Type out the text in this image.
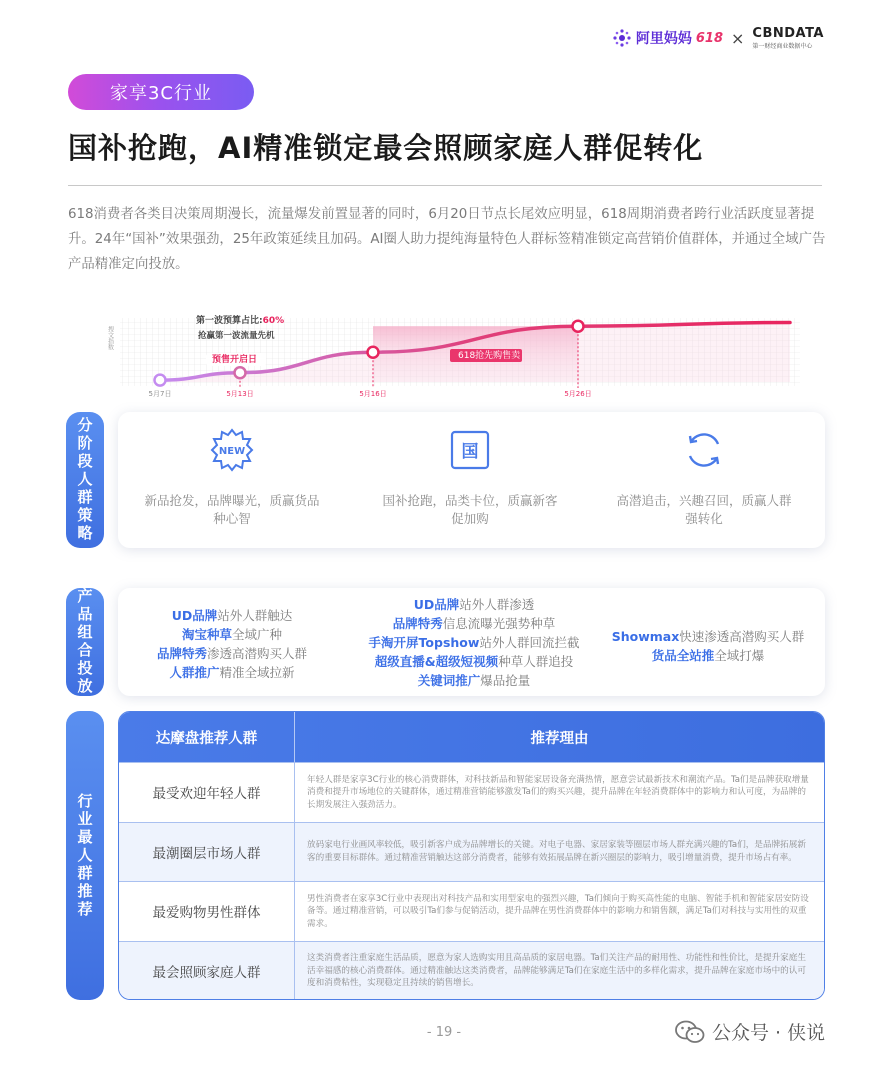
阿里妈妈 618 × CBNDATA
第一财经商业数据中心
家享3C行业
国补抢跑，AI精准锁定最会照顾家庭人群促转化
618消费者各类目决策周期漫长，流量爆发前置显著的同时，6月20日节点长尾效应明显，618周期消费者跨行业活跃度显著提升。24年“国补”效果强劲，25年政策延续且加码。AI圈人助力提纯海量特色人群标签精准锁定高营销价值群体，并通过全域广告产品精准定向投放。
搜文指数
5月7日	5月13日	5月16日	5月26日
第一波预算占比:60%
抢赢第一波流量先机
预售开启日	618抢先购售卖
分阶段人群策略	NEW
新品抢发，品牌曝光，质赢货品种心智
国
国补抢跑，品类卡位，质赢新客促加购
高潜追击，兴趣召回，质赢人群强转化
产品组合投放	UD品牌站外人群触达
淘宝种草全域广种
品牌特秀渗透高潜购买人群
人群推广精准全域拉新
UD品牌站外人群渗透
品牌特秀信息流曝光强势种草
手淘开屏Topshow站外人群回流拦截
超级直播&超级短视频种草人群追投
关键词推广爆品抢量
Showmax快速渗透高潜购买人群
货品全站推全域打爆
行业最人群推荐
达摩盘推荐人群	推荐理由
最受欢迎年轻人群
年轻人群是家享3C行业的核心消费群体，对科技新品和智能家居设备充满热情，愿意尝试最新技术和潮流产品。Ta们是品牌获取增量消费和提升市场地位的关键群体，通过精准营销能够激发Ta们的购买兴趣，提升品牌在年轻消费群体中的影响力和认可度，为品牌的长期发展注入强劲活力。
最潮圈层市场人群
放码家电行业画风率较低，吸引新客户成为品牌增长的关键。对电子电器、家居家装等圈层市场人群充满兴趣的Ta们，是品牌拓展新客的重要目标群体。通过精准营销触达这部分消费者，能够有效拓展品牌在新兴圈层的影响力，吸引增量消费，提升市场占有率。
最爱购物男性群体
男性消费者在家享3C行业中表现出对科技产品和实用型家电的强烈兴趣，Ta们倾向于购买高性能的电脑、智能手机和智能家居安防设备等。通过精准营销，可以吸引Ta们参与促销活动，提升品牌在男性消费群体中的影响力和销售额，满足Ta们对科技与实用性的双重需求。
最会照顾家庭人群
这类消费者注重家庭生活品质，愿意为家人选购实用且高品质的家居电器。Ta们关注产品的耐用性、功能性和性价比，是提升家庭生活幸福感的核心消费群体。通过精准触达这类消费者，品牌能够满足Ta们在家庭生活中的多样化需求，提升品牌在家庭市场中的认可度和消费粘性，实现稳定且持续的销售增长。
- 19 -	公众号 · 侠说
